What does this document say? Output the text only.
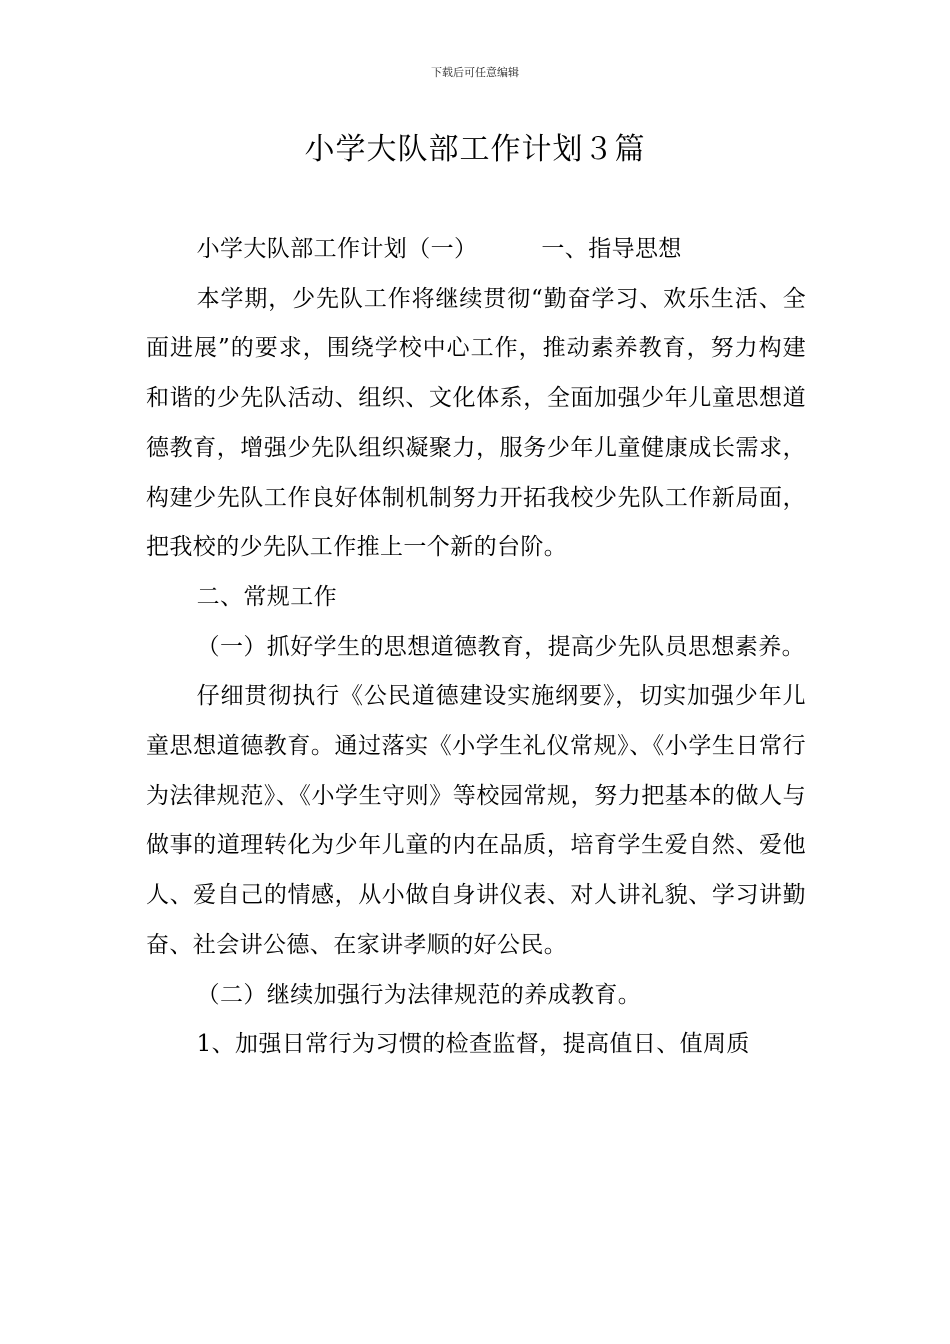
下载后可任意编辑
小学大队部工作计划３篇

小学大队部工作计划（一）	一、指导思想

本学期，少先队工作将继续贯彻“勤奋学习、欢乐生活、全面进展”的要求，围绕学校中心工作，推动素养教育，努力构建和谐的少先队活动、组织、文化体系，全面加强少年儿童思想道德教育，增强少先队组织凝聚力，服务少年儿童健康成长需求，构建少先队工作良好体制机制努力开拓我校少先队工作新局面，把我校的少先队工作推上一个新的台阶。

二、常规工作

（一）抓好学生的思想道德教育，提高少先队员思想素养。

仔细贯彻执行《公民道德建设实施纲要》，切实加强少年儿童思想道德教育。通过落实《小学生礼仪常规》、《小学生日常行为法律规范》、《小学生守则》等校园常规，努力把基本的做人与做事的道理转化为少年儿童的内在品质，培育学生爱自然、爱他人、爱自己的情感，从小做自身讲仪表、对人讲礼貌、学习讲勤奋、社会讲公德、在家讲孝顺的好公民。

（二）继续加强行为法律规范的养成教育。

1、加强日常行为习惯的检查监督，提高值日、值周质
